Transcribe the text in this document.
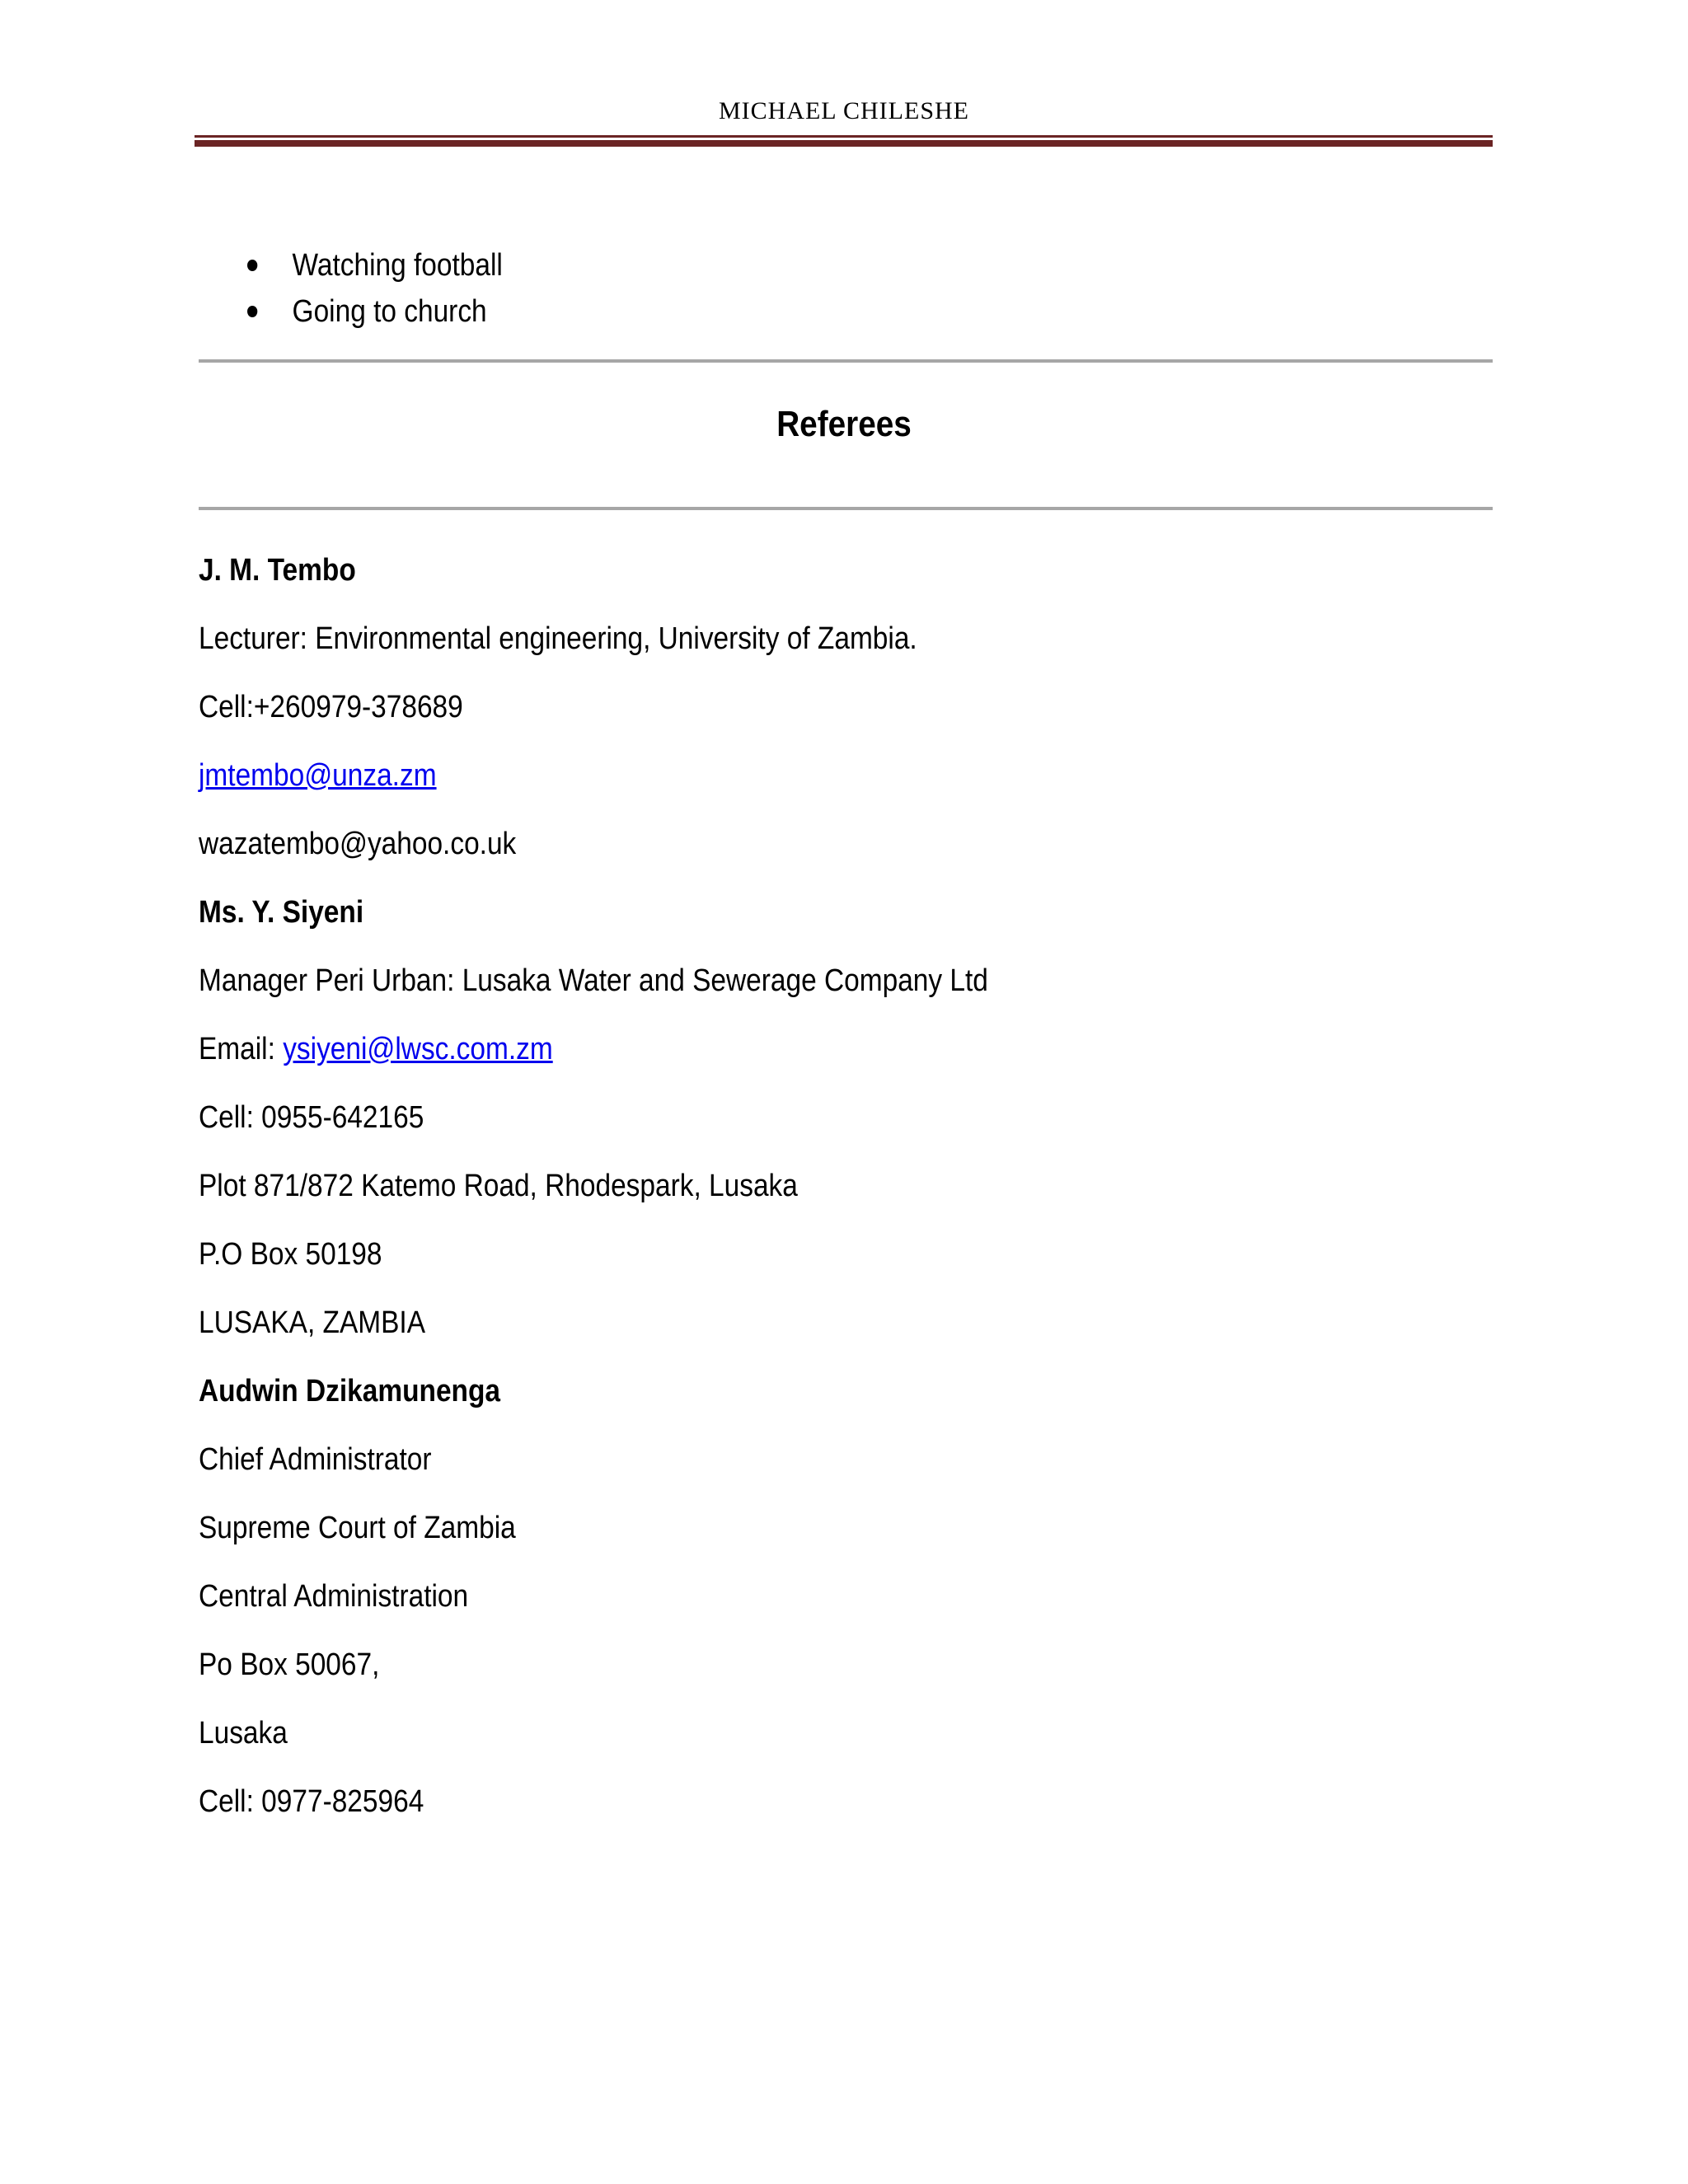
MICHAEL CHILESHE
Watching football
Going to church
Referees
J. M. Tembo
Lecturer: Environmental engineering, University of Zambia.
Cell:+260979-378689
jmtembo@unza.zm
wazatembo@yahoo.co.uk
Ms. Y. Siyeni
Manager Peri Urban: Lusaka Water and Sewerage Company Ltd
Email: ysiyeni@lwsc.com.zm
Cell: 0955-642165
Plot 871/872 Katemo Road, Rhodespark, Lusaka
P.O Box 50198
LUSAKA, ZAMBIA
Audwin Dzikamunenga
Chief Administrator
Supreme Court of Zambia
Central Administration
Po Box 50067,
Lusaka
Cell: 0977-825964
